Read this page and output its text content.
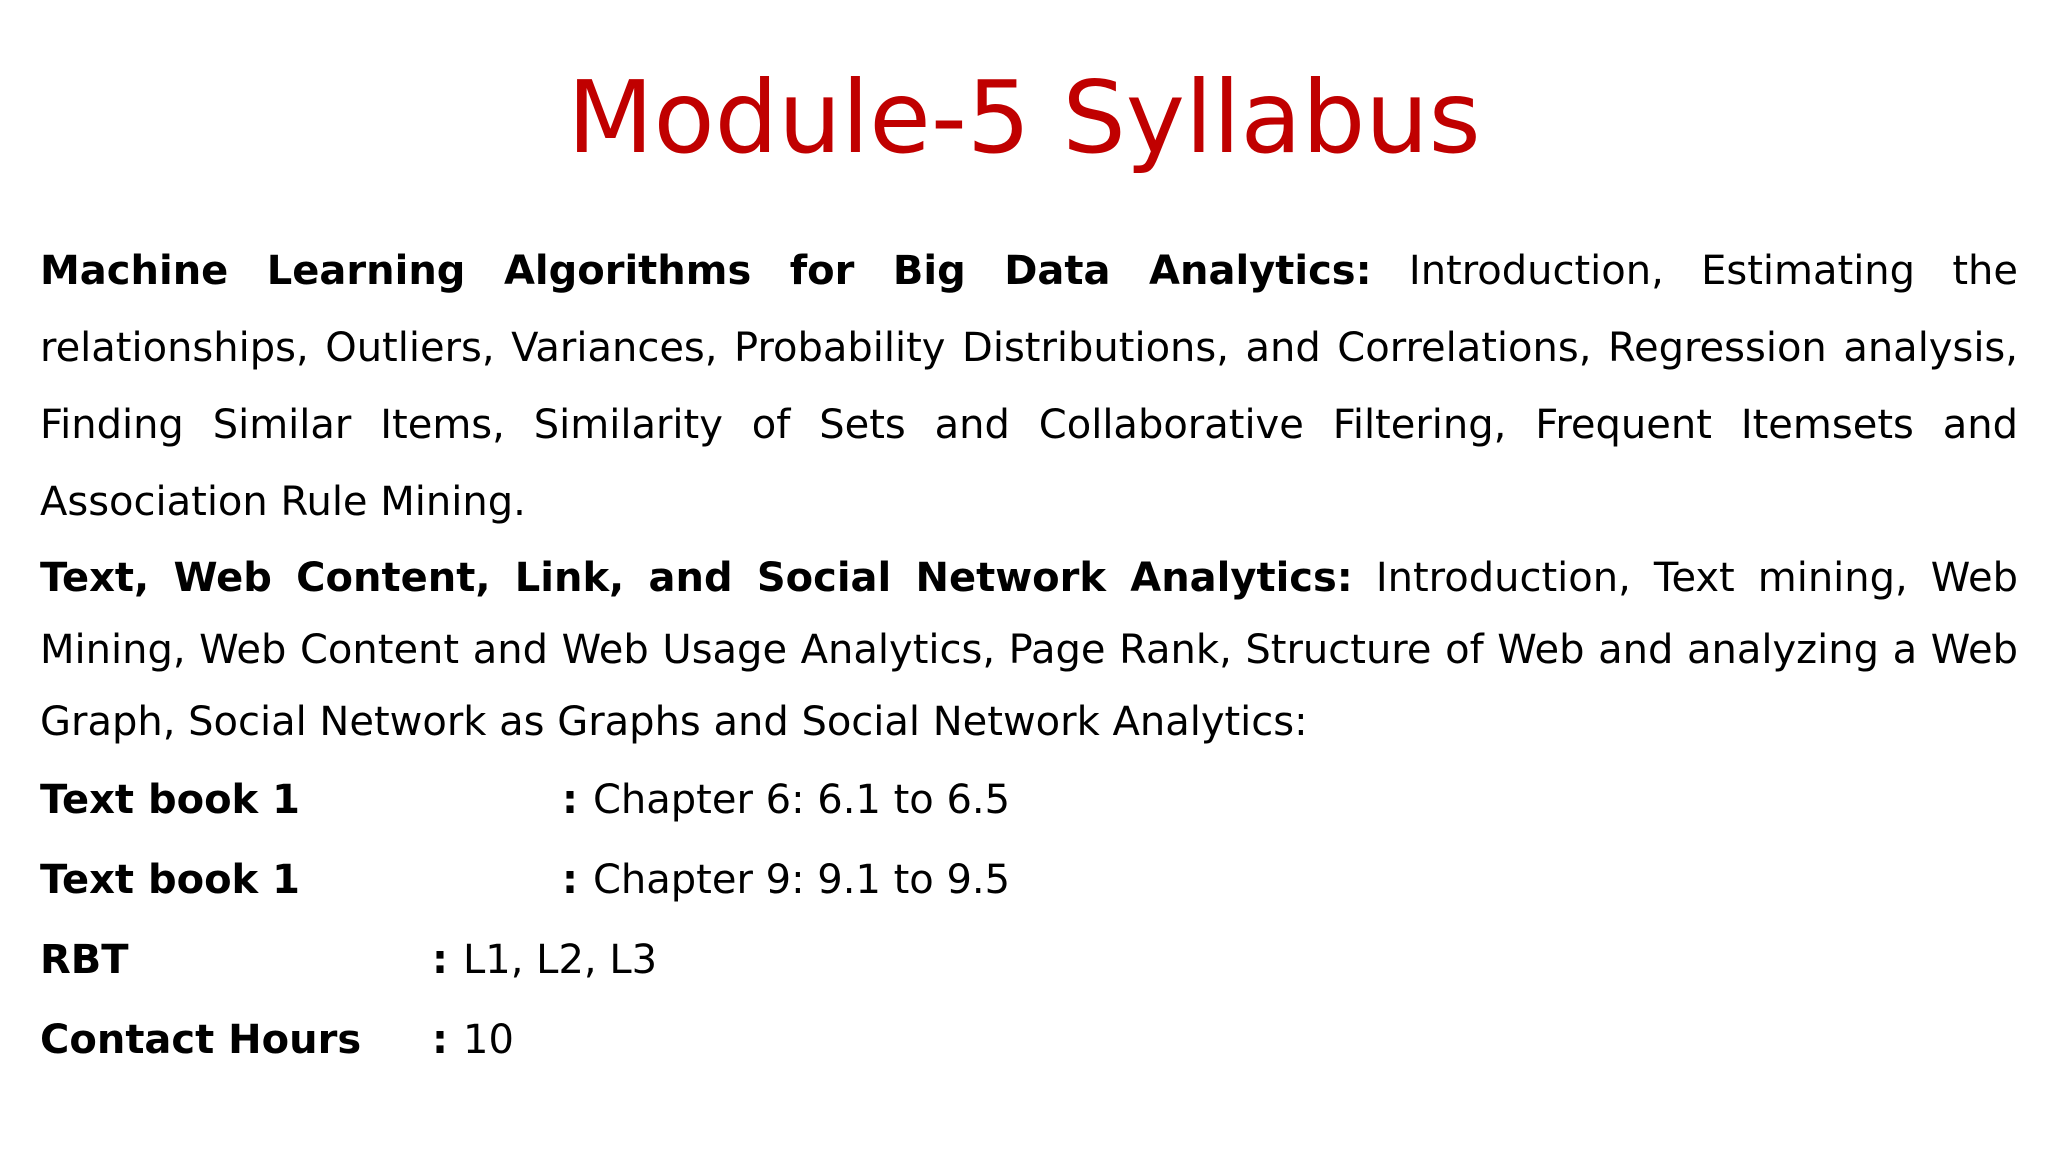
Module-5 Syllabus

Machine Learning Algorithms for Big Data Analytics: Introduction, Estimating the relationships, Outliers, Variances, Probability Distributions, and Correlations, Regression analysis, Finding Similar Items, Similarity of Sets and Collaborative Filtering, Frequent Itemsets and Association Rule Mining.

Text, Web Content, Link, and Social Network Analytics: Introduction, Text mining, Web Mining, Web Content and Web Usage Analytics, Page Rank, Structure of Web and analyzing a Web Graph, Social Network as Graphs and Social Network Analytics:

Text book 1	: Chapter 6: 6.1 to 6.5
Text book 1	: Chapter 9: 9.1 to 9.5
RBT	: L1, L2, L3
Contact Hours : 10
